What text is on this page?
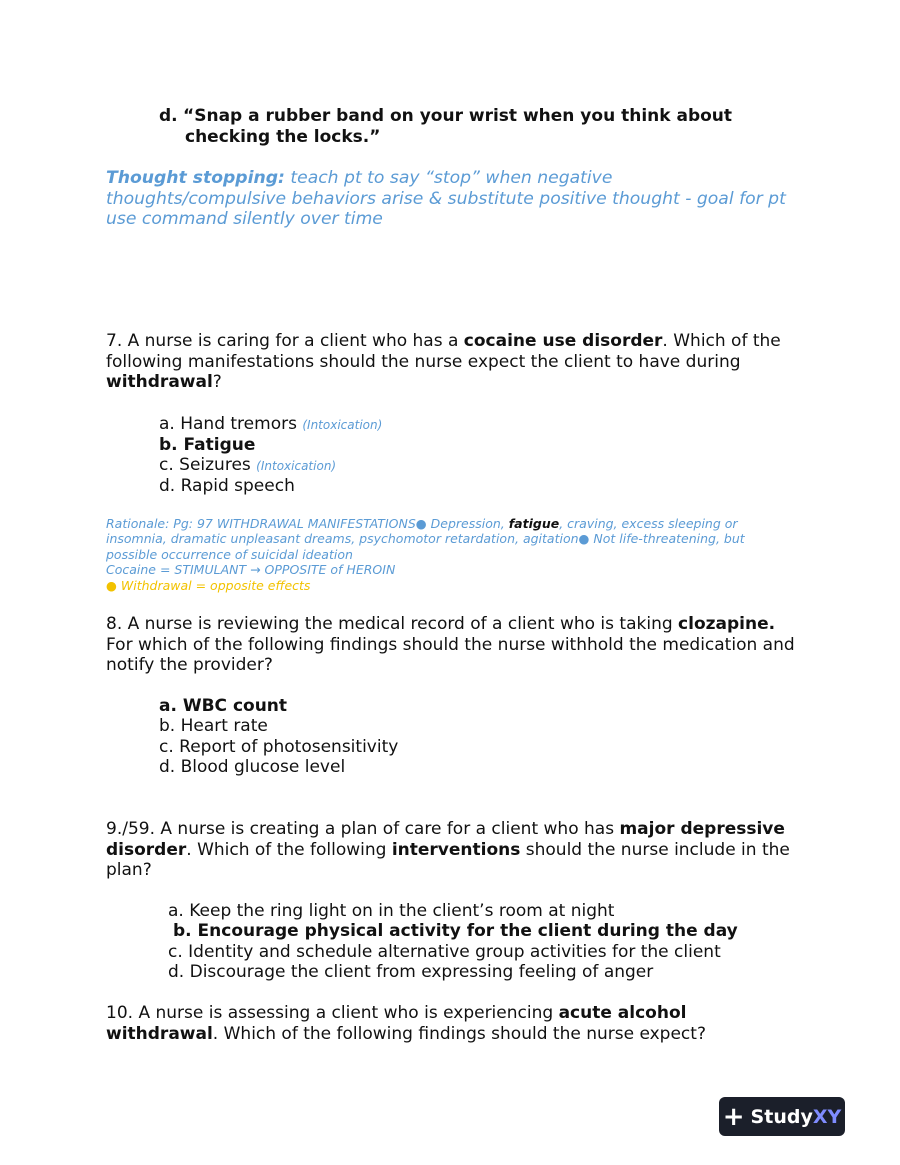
d. “Snap a rubber band on your wrist when you think about
checking the locks.”
Thought stopping: teach pt to say “stop” when negative thoughts/compulsive behaviors arise & substitute positive thought - goal for pt use command silently over time
7. A nurse is caring for a client who has a cocaine use disorder. Which of the following manifestations should the nurse expect the client to have during withdrawal?
a. Hand tremors (Intoxication)
b. Fatigue
c. Seizures (Intoxication)
d. Rapid speech
Rationale: Pg: 97 WITHDRAWAL MANIFESTATIONS● Depression, fatigue, craving, excess sleeping or insomnia, dramatic unpleasant dreams, psychomotor retardation, agitation● Not life-threatening, but possible occurrence of suicidal ideation
Cocaine = STIMULANT → OPPOSITE of HEROIN
● Withdrawal = opposite effects
8. A nurse is reviewing the medical record of a client who is taking clozapine. For which of the following findings should the nurse withhold the medication and notify the provider?
a. WBC count
b. Heart rate
c. Report of photosensitivity
d. Blood glucose level
9./59. A nurse is creating a plan of care for a client who has major depressive disorder. Which of the following interventions should the nurse include in the plan?
a. Keep the ring light on in the client’s room at night
b. Encourage physical activity for the client during the day
c. Identity and schedule alternative group activities for the client
d. Discourage the client from expressing feeling of anger
10. A nurse is assessing a client who is experiencing acute alcohol withdrawal. Which of the following findings should the nurse expect?
+ StudyXY
